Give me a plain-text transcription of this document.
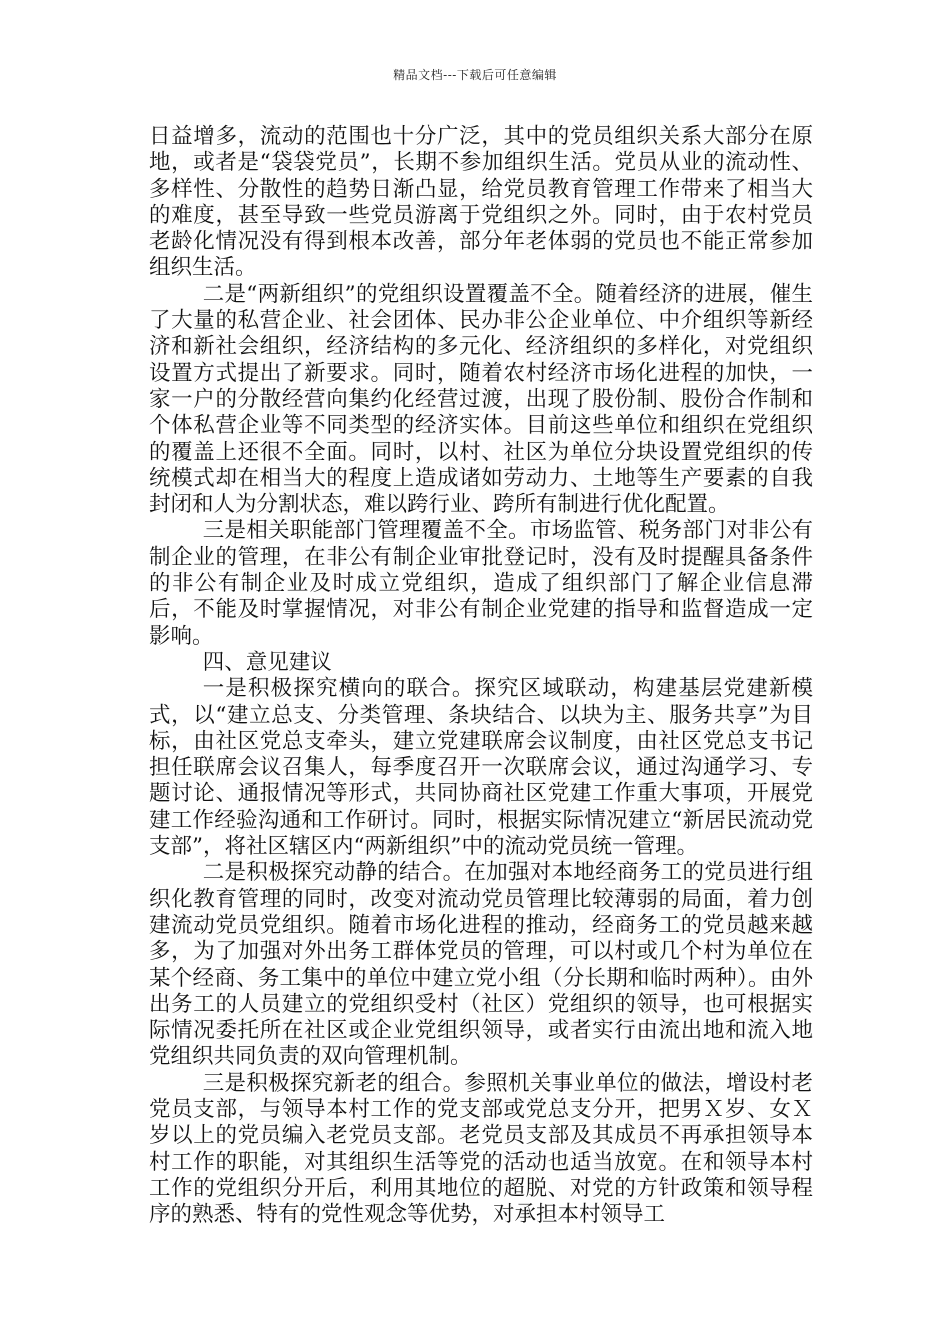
精品文档---下载后可任意编辑

日益增多，流动的范围也十分广泛，其中的党员组织关系大部分在原地，或者是“袋袋党员”，长期不参加组织生活。党员从业的流动性、多样性、分散性的趋势日渐凸显，给党员教育管理工作带来了相当大的难度，甚至导致一些党员游离于党组织之外。同时，由于农村党员老龄化情况没有得到根本改善，部分年老体弱的党员也不能正常参加组织生活。

二是“两新组织”的党组织设置覆盖不全。随着经济的进展，催生了大量的私营企业、社会团体、民办非公企业单位、中介组织等新经济和新社会组织，经济结构的多元化、经济组织的多样化，对党组织设置方式提出了新要求。同时，随着农村经济市场化进程的加快，一家一户的分散经营向集约化经营过渡，出现了股份制、股份合作制和个体私营企业等不同类型的经济实体。目前这些单位和组织在党组织的覆盖上还很不全面。同时，以村、社区为单位分块设置党组织的传统模式却在相当大的程度上造成诸如劳动力、土地等生产要素的自我封闭和人为分割状态，难以跨行业、跨所有制进行优化配置。

三是相关职能部门管理覆盖不全。市场监管、税务部门对非公有制企业的管理，在非公有制企业审批登记时，没有及时提醒具备条件的非公有制企业及时成立党组织，造成了组织部门了解企业信息滞后，不能及时掌握情况，对非公有制企业党建的指导和监督造成一定影响。

四、意见建议

一是积极探究横向的联合。探究区域联动，构建基层党建新模式，以“建立总支、分类管理、条块结合、以块为主、服务共享”为目标，由社区党总支牵头，建立党建联席会议制度，由社区党总支书记担任联席会议召集人，每季度召开一次联席会议，通过沟通学习、专题讨论、通报情况等形式，共同协商社区党建工作重大事项，开展党建工作经验沟通和工作研讨。同时，根据实际情况建立“新居民流动党支部”，将社区辖区内“两新组织”中的流动党员统一管理。

二是积极探究动静的结合。在加强对本地经商务工的党员进行组织化教育管理的同时，改变对流动党员管理比较薄弱的局面，着力创建流动党员党组织。随着市场化进程的推动，经商务工的党员越来越多，为了加强对外出务工群体党员的管理，可以村或几个村为单位在某个经商、务工集中的单位中建立党小组（分长期和临时两种）。由外出务工的人员建立的党组织受村（社区）党组织的领导，也可根据实际情况委托所在社区或企业党组织领导，或者实行由流出地和流入地党组织共同负责的双向管理机制。

三是积极探究新老的组合。参照机关事业单位的做法，增设村老党员支部，与领导本村工作的党支部或党总支分开，把男Ｘ岁、女Ｘ岁以上的党员编入老党员支部。老党员支部及其成员不再承担领导本村工作的职能，对其组织生活等党的活动也适当放宽。在和领导本村工作的党组织分开后，利用其地位的超脱、对党的方针政策和领导程序的熟悉、特有的党性观念等优势，对承担本村领导工
